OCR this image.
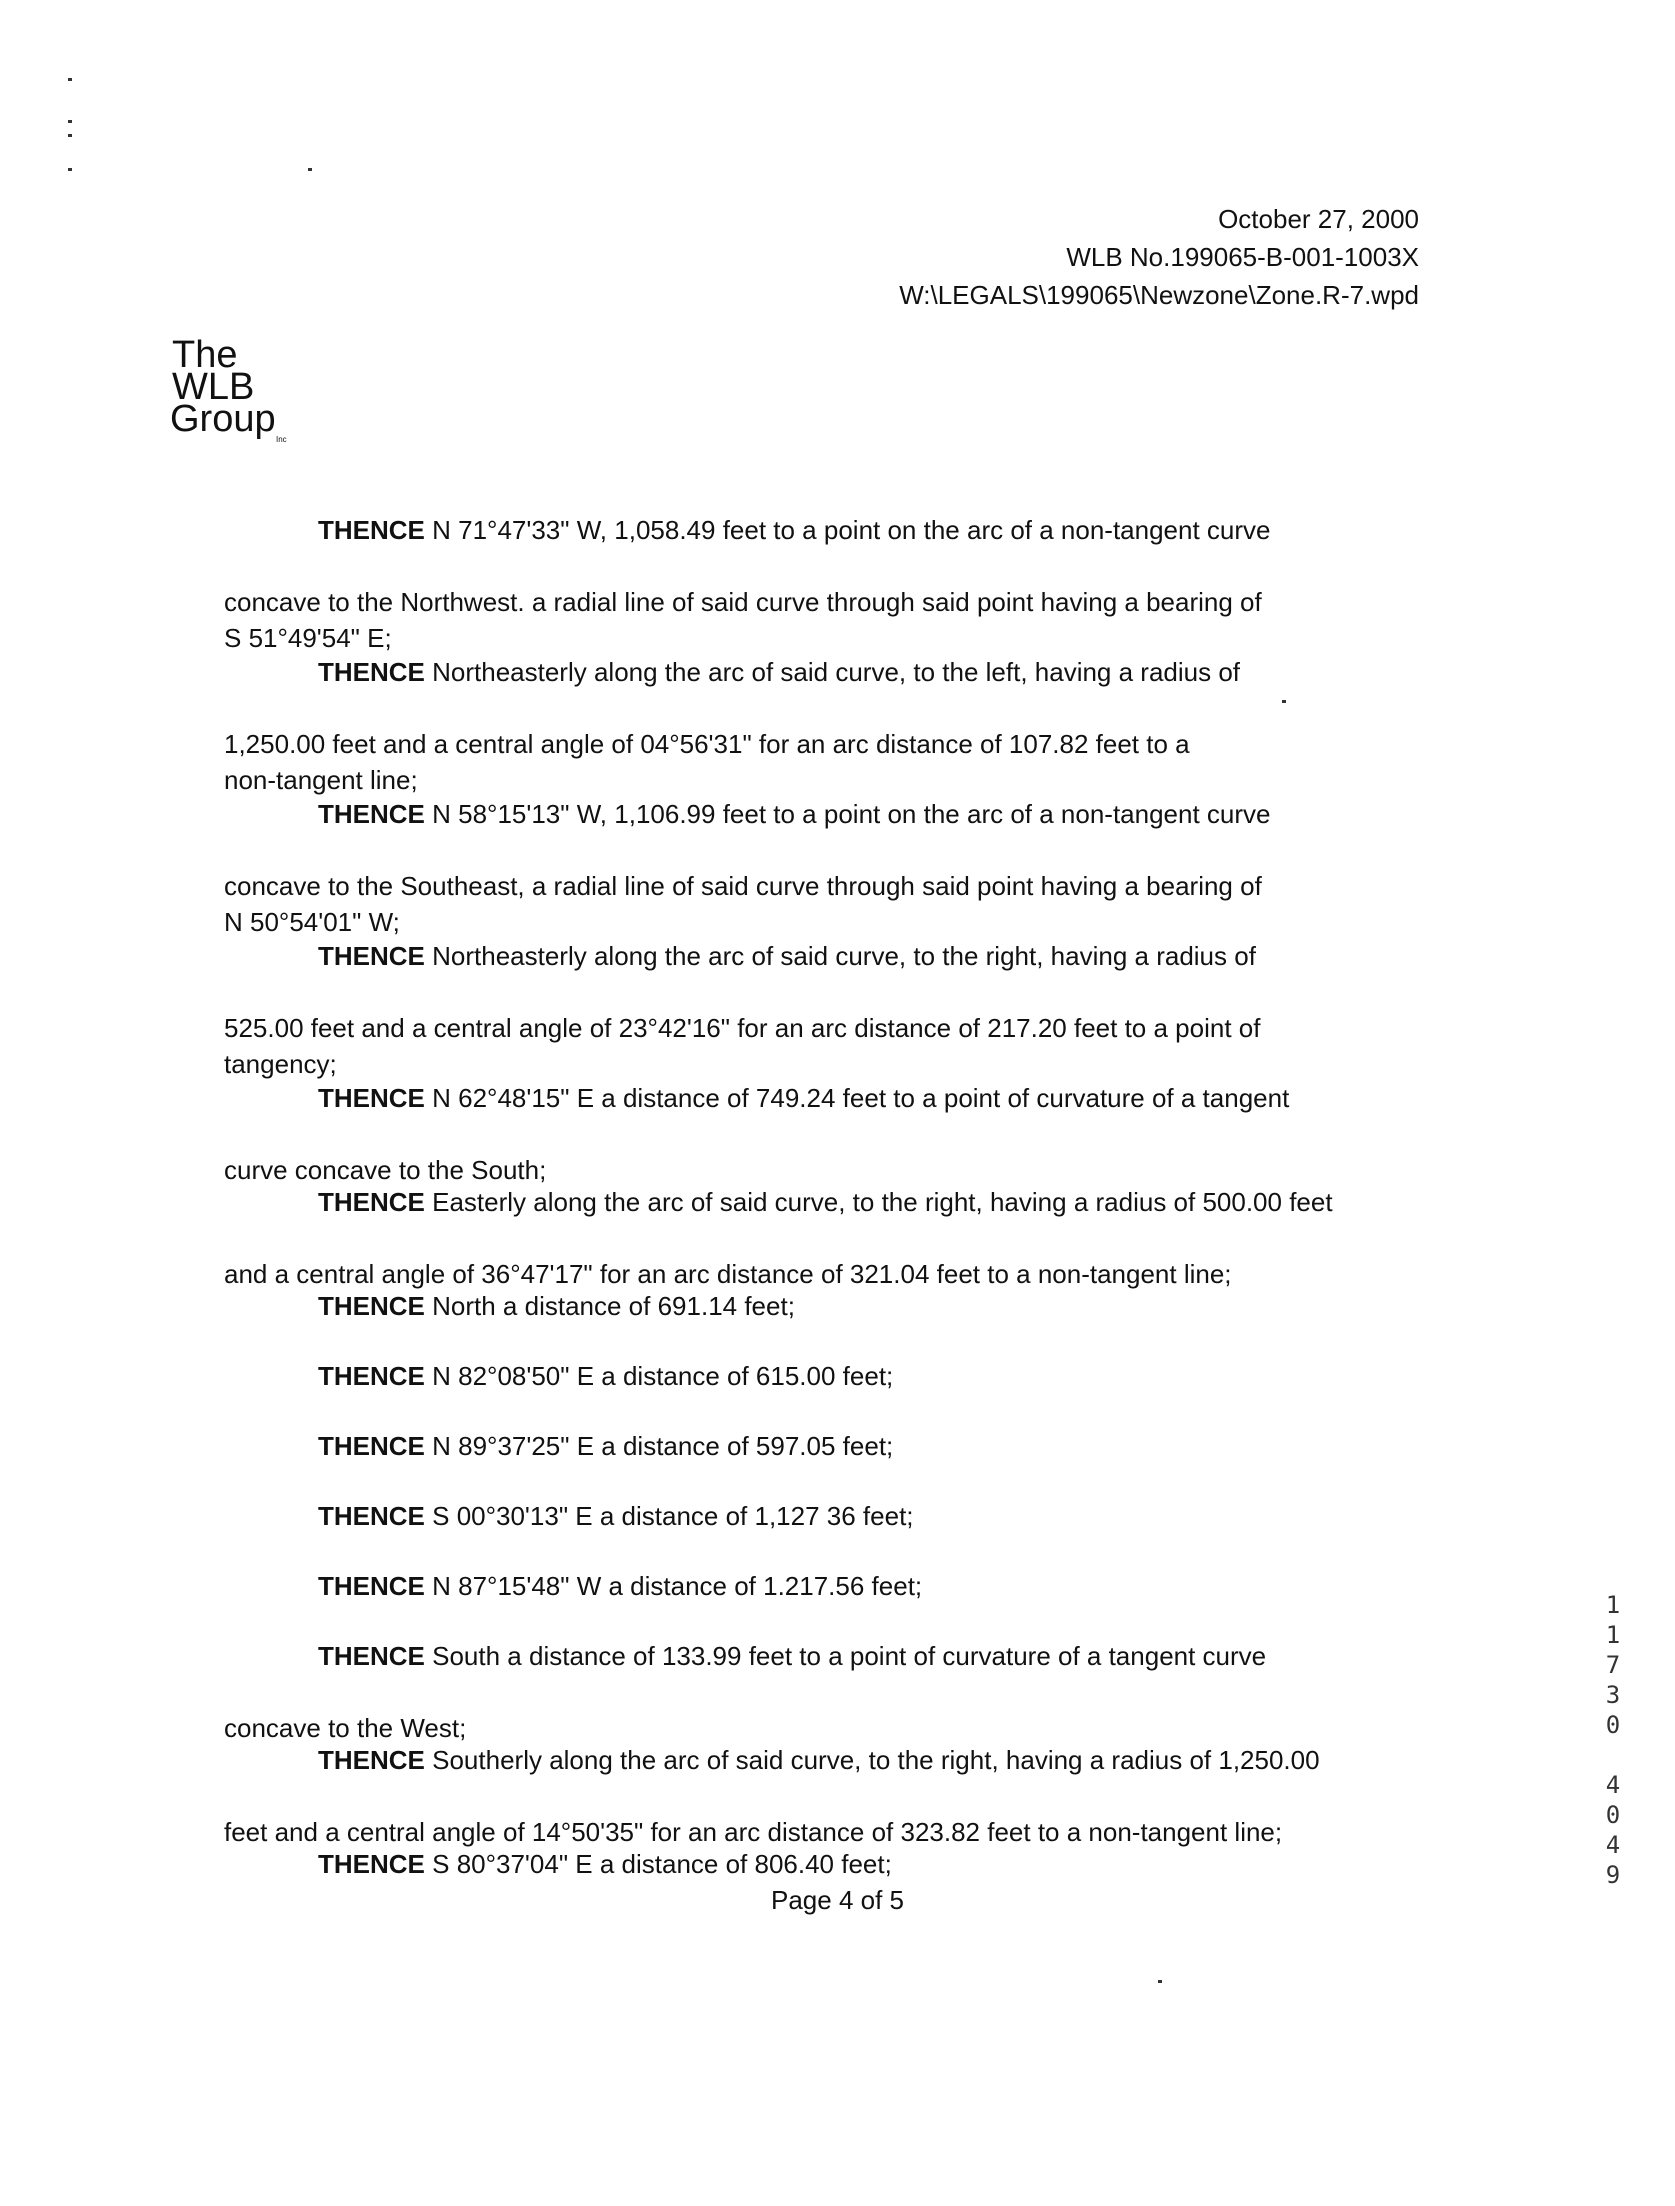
October 27, 2000
WLB No.199065-B-001-1003X
W:\LEGALS\199065\Newzone\Zone.R-7.wpd
The
WLB
Group Inc

THENCE N 71°47'33" W, 1,058.49 feet to a point on the arc of a non-tangent curve

concave to the Northwest. a radial line of said curve through said point having a bearing of
S 51°49'54" E;

THENCE Northeasterly along the arc of said curve, to the left, having a radius of

1,250.00 feet and a central angle of 04°56'31" for an arc distance of 107.82 feet to a
non-tangent line;

THENCE N 58°15'13" W, 1,106.99 feet to a point on the arc of a non-tangent curve

concave to the Southeast, a radial line of said curve through said point having a bearing of
N 50°54'01" W;

THENCE Northeasterly along the arc of said curve, to the right, having a radius of

525.00 feet and a central angle of 23°42'16" for an arc distance of 217.20 feet to a point of
tangency;

THENCE N 62°48'15" E a distance of 749.24 feet to a point of curvature of a tangent

curve concave to the South;

THENCE Easterly along the arc of said curve, to the right, having a radius of 500.00 feet

and a central angle of 36°47'17" for an arc distance of 321.04 feet to a non-tangent line;

THENCE North a distance of 691.14 feet;

THENCE N 82°08'50" E a distance of 615.00 feet;

THENCE N 89°37'25" E a distance of 597.05 feet;

THENCE S 00°30'13" E a distance of 1,127 36 feet;

THENCE N 87°15'48" W a distance of 1.217.56 feet;

THENCE South a distance of 133.99 feet to a point of curvature of a tangent curve

concave to the West;

THENCE Southerly along the arc of said curve, to the right, having a radius of 1,250.00

feet and a central angle of 14°50'35" for an arc distance of 323.82 feet to a non-tangent line;

THENCE S 80°37'04" E a distance of 806.40 feet;

Page 4 of 5
1
1
7
3
0

4
0
4
9
